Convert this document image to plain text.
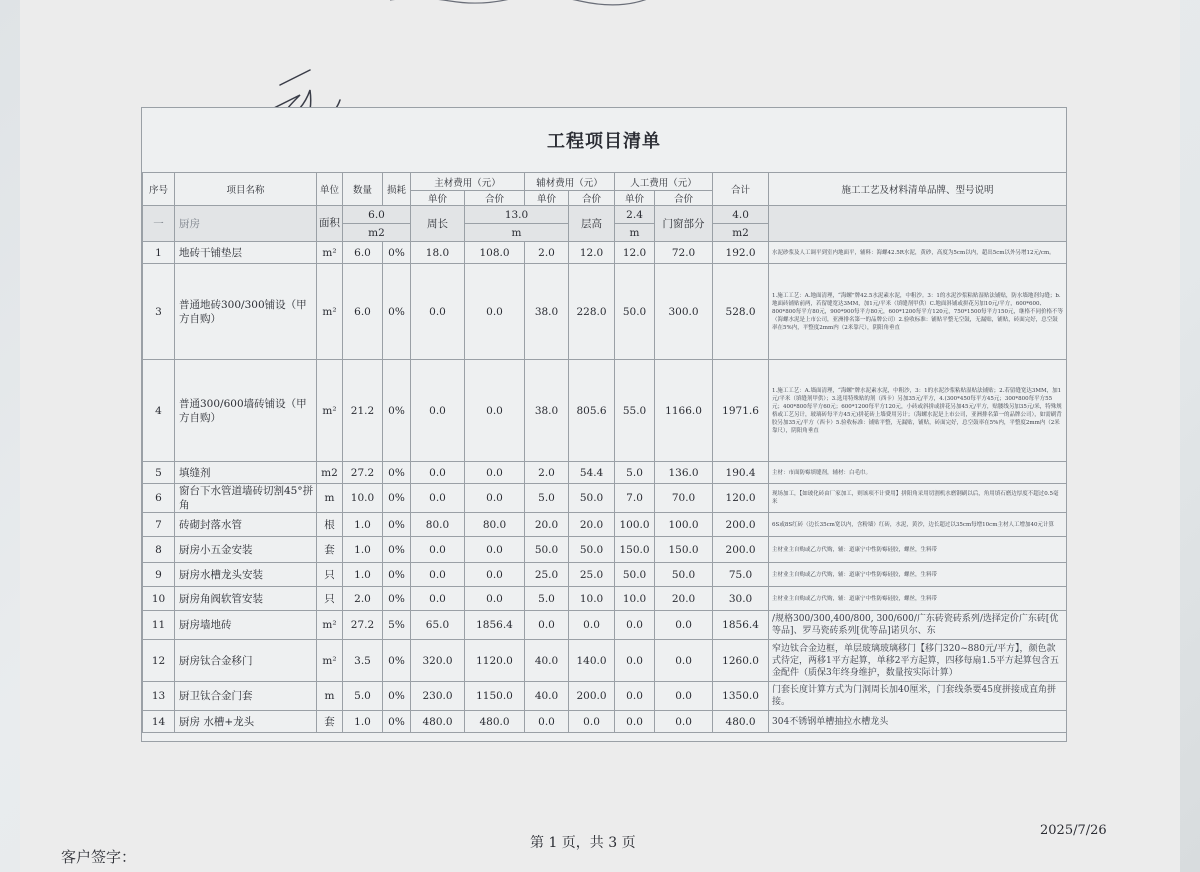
工程项目清单
序号	项目名称	单位	数量	损耗	主材费用（元）		辅材费用（元）		人工费用（元）		合计	施工工艺及材料清单品牌、型号说明
					单价	合价	单价	合价	单价	合价		
一	厨房	面积	6.0		周长	13.0		层高	2.4	门窗部分	4.0	
			m2			m			m		m2	
1	地砖干铺垫层	m²	6.0	0%	18.0	108.0	2.0	12.0	12.0	72.0	192.0	水泥砂浆及人工调平到室内地面平，辅料：海螺42.5R水泥，黄砂，高度为5cm以内，超出5cm以外另增12元/cm。
3	普通地砖300/300铺设（甲方自购）	m²	6.0	0%	0.0	0.0	38.0	228.0	50.0	300.0	528.0	1.施工工艺：A.地面清理，“海螺”牌42.5水泥素水泥，中粗沙。3：1的水泥沙浆粘贴湿贴法铺贴，防水墙地剂勾缝；b.地面砖铺贴前两，若留缝宽达3MM，加1元/平米（填缝剂甲供）C.地面斜铺或拼花另加10元/平方，600*600、800*800每平方80元，900*900每平方80元，600*1200每平方120元，750*1500每平方150元，继格不同价格不等（海螺水泥是上市公司，亚洲排名第一的品牌公司）2.验收标准：铺贴平整无空鼓，无漏贴，铺贴，砖面完好，总空鼓率在5%内，平整度2mm内（2米靠尺），阴阳角垂直
4	普通300/600墙砖铺设（甲方自购）	m²	21.2	0%	0.0	0.0	38.0	805.6	55.0	1166.0	1971.6	1.施工工艺：A.墙面清理，“海螺”牌水泥素水泥，中粗沙，3：1的水泥沙浆粘贴湿贴法铺贴；2.若留缝宽达3MM，加1元/平米（填缝剂甲供）；3.选用特殊贴的剂（西卡）另加35元/平方，4.(300*450每平方45元；300*800每平方55元；400*800每平方60元；600*1200每平方120元，小砖或斜拼或拼花另加45元/平方，贴腰线另加35元/米，特殊规格或工艺另计，玻璃砖每平方45元)拼花砖上墙费用另计；（海螺水泥是上市公司，亚洲排名第一的品牌公司），如需刷背胶另加35元/平方（西卡）5.验收标准：铺贴平整，无漏贴，铺贴，砖面完好，总空鼓率在5%内，平整度2mm内（2米靠尺），阴阳角垂直
5	填缝剂	m2	27.2	0%	0.0	0.0	2.0	54.4	5.0	136.0	190.4	主材：市面防霉填缝剂，辅材：白毛巾。
6	窗台下水管道墙砖切割45°拼角	m	10.0	0%	0.0	0.0	5.0	50.0	7.0	70.0	120.0	现场加工，【如玻化砖由厂家加工，则该项不计费用】拼阳角采用切割机水磨钢刷以后，角用填石磨边厚度不超过0.5毫米
7	砖砌封落水管	根	1.0	0%	80.0	80.0	20.0	20.0	100.0	100.0	200.0	6S或8S红砖（边长35cm宽以内，含粉墙）红砖，水泥，黄沙，边长超过以35cm每增10cm主材人工增加40元计算
8	厨房小五金安装	套	1.0	0%	0.0	0.0	50.0	50.0	150.0	150.0	200.0	主材业主自购或乙方代购，辅：道康宁中性防霉硅胶，螺丝，生料带
9	厨房水槽龙头安装	只	1.0	0%	0.0	0.0	25.0	25.0	50.0	50.0	75.0	主材业主自购或乙方代购，辅：道康宁中性防霉硅胶，螺丝，生料带
10	厨房角阀软管安装	只	2.0	0%	0.0	0.0	5.0	10.0	10.0	20.0	30.0	主材业主自购或乙方代购，辅：道康宁中性防霉硅胶，螺丝，生料带
11	厨房墙地砖	m²	27.2	5%	65.0	1856.4	0.0	0.0	0.0	0.0	1856.4	/规格300/300,400/800, 300/600/广东砖瓷砖系列/选择定价广东砖[优等品]、罗马瓷砖系列[优等品]诺贝尔、东
12	厨房钛合金移门	m²	3.5	0%	320.0	1120.0	40.0	140.0	0.0	0.0	1260.0	窄边钛合金边框，单层玻璃玻璃移门【移门320~880元/平方】，颜色款式待定，两移1平方起算，单移2平方起算，四移每扇1.5平方起算包含五金配件（质保3年终身维护，数量按实际计算）
13	厨卫钛合金门套	m	5.0	0%	230.0	1150.0	40.0	200.0	0.0	0.0	1350.0	门套长度计算方式为门洞周长加40厘米，门套线条要45度拼接成直角拼接。
14	厨房 水槽+龙头	套	1.0	0%	480.0	480.0	0.0	0.0	0.0	0.0	480.0	304不锈钢单槽抽拉水槽龙头
第 1 页，共 3 页
2025/7/26
客户签字：
